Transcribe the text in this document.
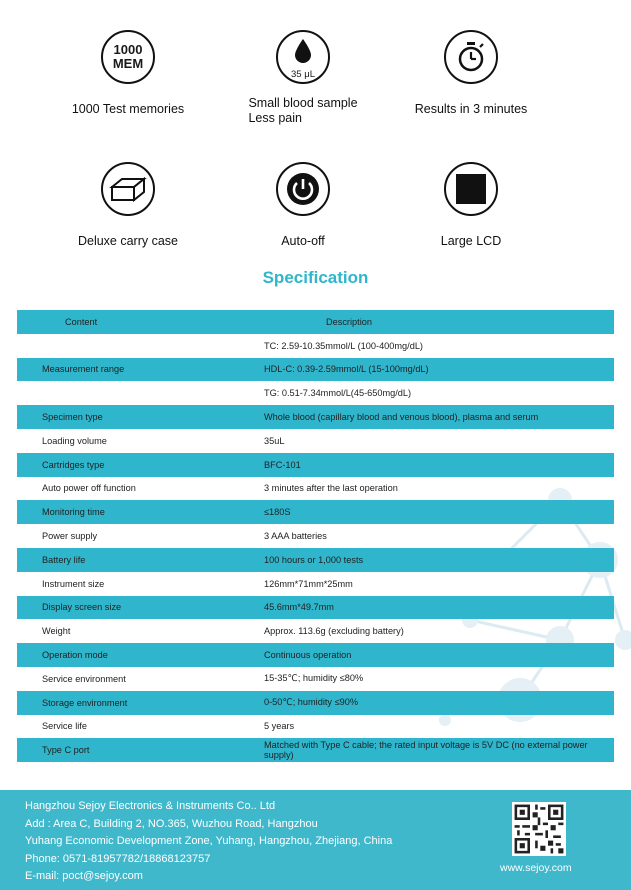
1000
MEM
1000 Test memories
35 μL
Small blood sample
Less pain
Results in 3 minutes
Deluxe carry case	Auto-off	Large LCD
Specification
Content	Description
	TC: 2.59-10.35mmol/L (100-400mg/dL)
Measurement range	HDL-C: 0.39-2.59mmol/L (15-100mg/dL)
	TG: 0.51-7.34mmol/L(45-650mg/dL)
Specimen type	Whole blood (capillary blood and venous blood), plasma and serum
Loading volume	35uL
Cartridges type	BFC-101
Auto power off function	3 minutes after the last operation
Monitoring time	≤180S
Power supply	3 AAA batteries
Battery life	100 hours or 1,000 tests
Instrument size	126mm*71mm*25mm
Display screen size	45.6mm*49.7mm
Weight	Approx. 113.6g (excluding battery)
Operation mode	Continuous operation
Service environment	15-35℃; humidity ≤80%
Storage environment	0-50℃; humidity ≤90%
Service life	5 years
Type C port	Matched with Type C cable; the rated input voltage is 5V DC (no external power supply)
Hangzhou Sejoy Electronics & Instruments Co.. Ltd
Add : Area C, Building 2, NO.365, Wuzhou Road, Hangzhou
Yuhang Economic Development Zone, Yuhang, Hangzhou, Zhejiang, China
Phone: 0571-81957782/18868123757
E-mail: poct@sejoy.com
www.sejoy.com
